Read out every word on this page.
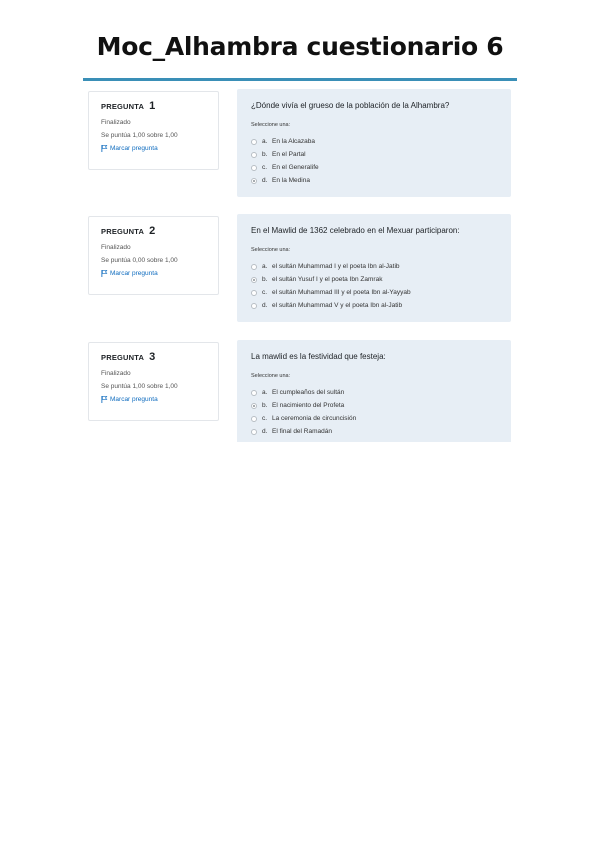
Moc_Alhambra cuestionario 6
PREGUNTA 1
Finalizado
Se puntúa 1,00 sobre 1,00
Marcar pregunta
¿Dónde vivía el grueso de la población de la Alhambra?
Seleccione una:
a. En la Alcazaba
b. En el Partal
c. En el Generalife
d. En la Medina
PREGUNTA 2
Finalizado
Se puntúa 0,00 sobre 1,00
Marcar pregunta
En el Mawlid de 1362 celebrado en el Mexuar participaron:
Seleccione una:
a. el sultán Muhammad I y el poeta Ibn al-Jatib
b. el sultán Yusuf I y el poeta Ibn Zamrak
c. el sultán Muhammad III y el poeta Ibn al-Yayyab
d. el sultán Muhammad V y el poeta Ibn al-Jatib
PREGUNTA 3
Finalizado
Se puntúa 1,00 sobre 1,00
Marcar pregunta
La mawlid es la festividad que festeja:
Seleccione una:
a. El cumpleaños del sultán
b. El nacimiento del Profeta
c. La ceremonia de circuncisión
d. El final del Ramadán
